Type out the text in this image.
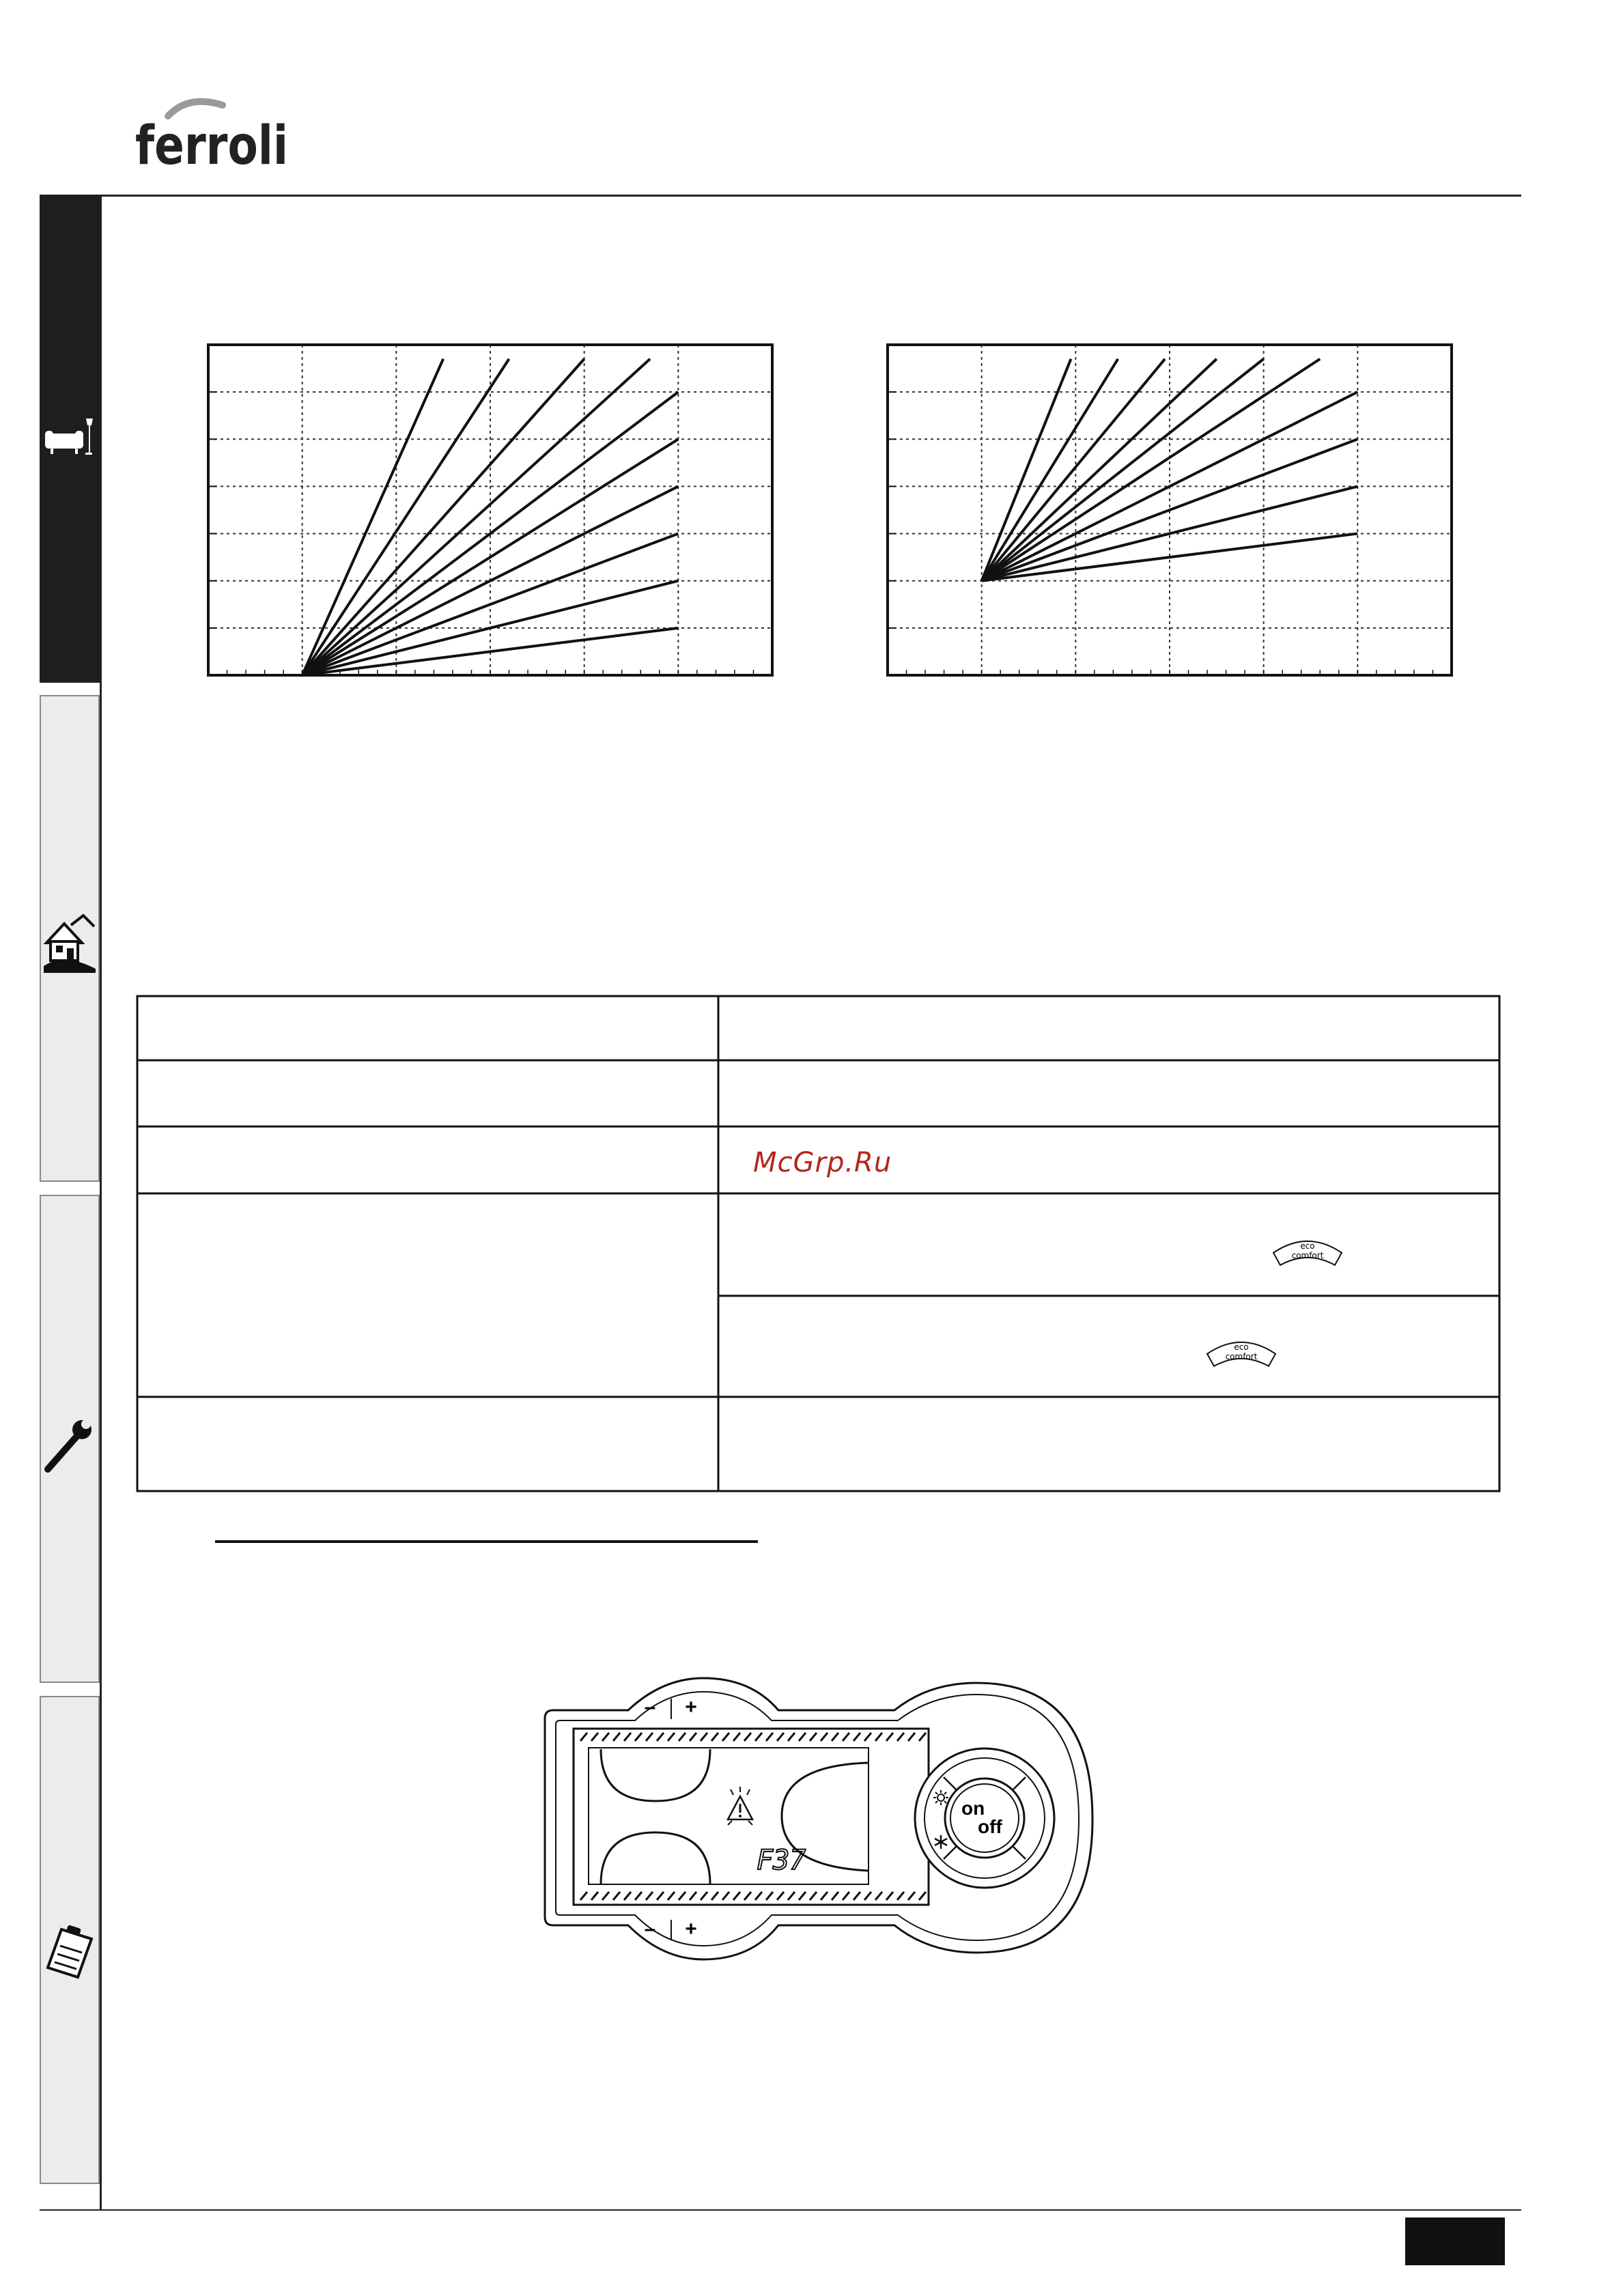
ferroli
eco
comfort
eco
comfort
McGrp.Ru
– +
– +
F37
on
off
